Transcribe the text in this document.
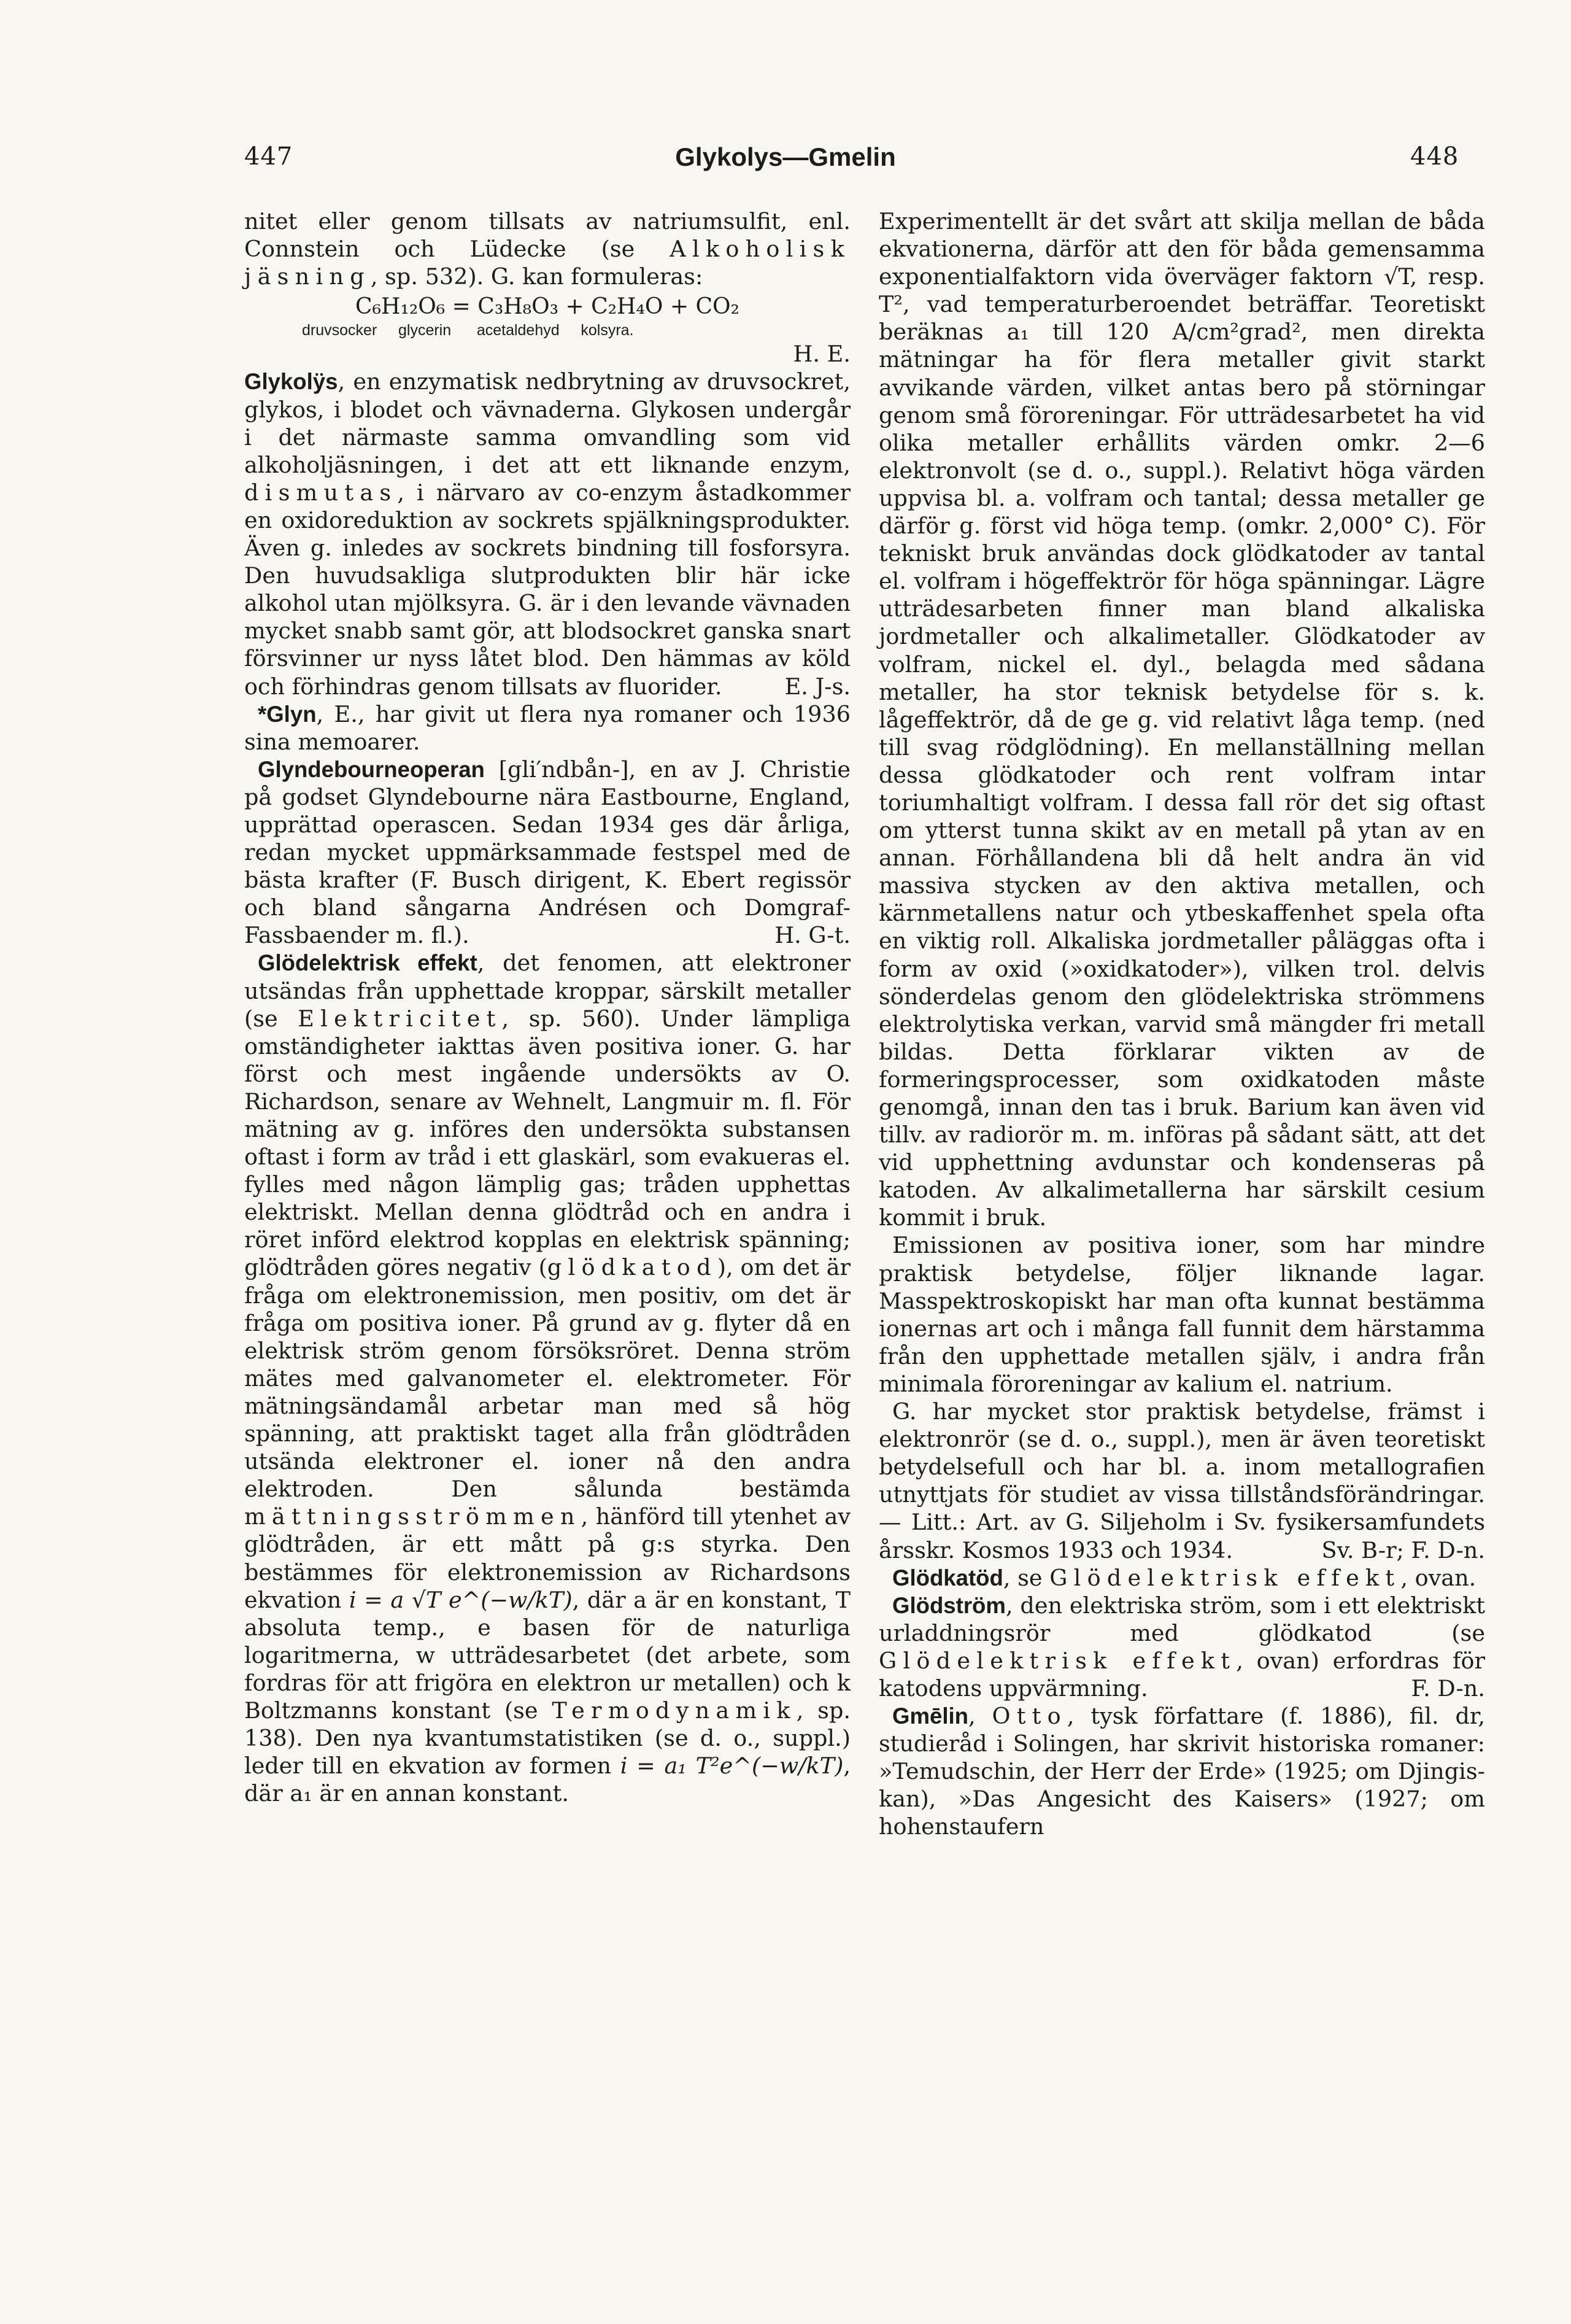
447	Glykolys—Gmelin	448

nitet eller genom tillsats av natriumsulfit, enl. Connstein och Lüdecke (se Alkoholisk jäsning, sp. 532). G. kan formuleras:

C₆H₁₂O₆ = C₃H₈O₃ + C₂H₄O + CO₂
druvsocker     glycerin      acetaldehyd     kolsyra.
H. E.

Glykolÿs, en enzymatisk nedbrytning av druvsockret, glykos, i blodet och vävnaderna. Glykosen undergår i det närmaste samma omvandling som vid alkoholjäsningen, i det att ett liknande enzym, dismutas, i närvaro av co-enzym åstadkommer en oxidoreduktion av sockrets spjälkningsprodukter. Även g. inledes av sockrets bindning till fosforsyra. Den huvudsakliga slutprodukten blir här icke alkohol utan mjölksyra. G. är i den levande vävnaden mycket snabb samt gör, att blodsockret ganska snart försvinner ur nyss låtet blod. Den hämmas av köld och förhindras genom tillsats av fluorider.	E. J-s.

*Glyn, E., har givit ut flera nya romaner och 1936 sina memoarer.

Glyndebourneoperan [gli′ndbån-], en av J. Christie på godset Glyndebourne nära Eastbourne, England, upprättad operascen. Sedan 1934 ges där årliga, redan mycket uppmärksammade festspel med de bästa krafter (F. Busch dirigent, K. Ebert regissör och bland sångarna Andrésen och Domgraf-Fassbaender m. fl.).	H. G-t.

Glödelektrisk effekt, det fenomen, att elektroner utsändas från upphettade kroppar, särskilt metaller (se Elektricitet, sp. 560). Under lämpliga omständigheter iakttas även positiva ioner. G. har först och mest ingående undersökts av O. Richardson, senare av Wehnelt, Langmuir m. fl. För mätning av g. införes den undersökta substansen oftast i form av tråd i ett glaskärl, som evakueras el. fylles med någon lämplig gas; tråden upphettas elektriskt. Mellan denna glödtråd och en andra i röret införd elektrod kopplas en elektrisk spänning; glödtråden göres negativ (glödkatod), om det är fråga om elektronemission, men positiv, om det är fråga om positiva ioner. På grund av g. flyter då en elektrisk ström genom försöksröret. Denna ström mätes med galvanometer el. elektrometer. För mätningsändamål arbetar man med så hög spänning, att praktiskt taget alla från glödtråden utsända elektroner el. ioner nå den andra elektroden. Den sålunda bestämda mättningsströmmen, hänförd till ytenhet av glödtråden, är ett mått på g:s styrka. Den bestämmes för elektronemission av Richardsons ekvation i = a √T e^(−w/kT), där a är en konstant, T absoluta temp., e basen för de naturliga logaritmerna, w utträdesarbetet (det arbete, som fordras för att frigöra en elektron ur metallen) och k Boltzmanns konstant (se Termodynamik, sp. 138). Den nya kvantumstatistiken (se d. o., suppl.) leder till en ekvation av formen i = a₁ T²e^(−w/kT), där a₁ är en annan konstant.

Experimentellt är det svårt att skilja mellan de båda ekvationerna, därför att den för båda gemensamma exponentialfaktorn vida överväger faktorn √T, resp. T², vad temperaturberoendet beträffar. Teoretiskt beräknas a₁ till 120 A/cm²grad², men direkta mätningar ha för flera metaller givit starkt avvikande värden, vilket antas bero på störningar genom små föroreningar. För utträdesarbetet ha vid olika metaller erhållits värden omkr. 2—6 elektronvolt (se d. o., suppl.). Relativt höga värden uppvisa bl. a. volfram och tantal; dessa metaller ge därför g. först vid höga temp. (omkr. 2,000° C). För tekniskt bruk användas dock glödkatoder av tantal el. volfram i högeffektrör för höga spänningar. Lägre utträdesarbeten finner man bland alkaliska jordmetaller och alkalimetaller. Glödkatoder av volfram, nickel el. dyl., belagda med sådana metaller, ha stor teknisk betydelse för s. k. lågeffektrör, då de ge g. vid relativt låga temp. (ned till svag rödglödning). En mellanställning mellan dessa glödkatoder och rent volfram intar toriumhaltigt volfram. I dessa fall rör det sig oftast om ytterst tunna skikt av en metall på ytan av en annan. Förhållandena bli då helt andra än vid massiva stycken av den aktiva metallen, och kärnmetallens natur och ytbeskaffenhet spela ofta en viktig roll. Alkaliska jordmetaller påläggas ofta i form av oxid (»oxidkatoder»), vilken trol. delvis sönderdelas genom den glödelektriska strömmens elektrolytiska verkan, varvid små mängder fri metall bildas. Detta förklarar vikten av de formeringsprocesser, som oxidkatoden måste genomgå, innan den tas i bruk. Barium kan även vid tillv. av radiorör m. m. införas på sådant sätt, att det vid upphettning avdunstar och kondenseras på katoden. Av alkalimetallerna har särskilt cesium kommit i bruk.

Emissionen av positiva ioner, som har mindre praktisk betydelse, följer liknande lagar. Masspektroskopiskt har man ofta kunnat bestämma ionernas art och i många fall funnit dem härstamma från den upphettade metallen själv, i andra från minimala föroreningar av kalium el. natrium.

G. har mycket stor praktisk betydelse, främst i elektronrör (se d. o., suppl.), men är även teoretiskt betydelsefull och har bl. a. inom metallografien utnyttjats för studiet av vissa tillståndsförändringar. — Litt.: Art. av G. Siljeholm i Sv. fysikersamfundets årsskr. Kosmos 1933 och 1934.	Sv. B-r; F. D-n.

Glödkatöd, se Glödelektrisk effekt, ovan.

Glödström, den elektriska ström, som i ett elektriskt urladdningsrör med glödkatod (se Glödelektrisk effekt, ovan) erfordras för katodens uppvärmning.	F. D-n.

Gmēlin, Otto, tysk författare (f. 1886), fil. dr, studieråd i Solingen, har skrivit historiska romaner: »Temudschin, der Herr der Erde» (1925; om Djingis-kan), »Das Angesicht des Kaisers» (1927; om hohenstaufern
